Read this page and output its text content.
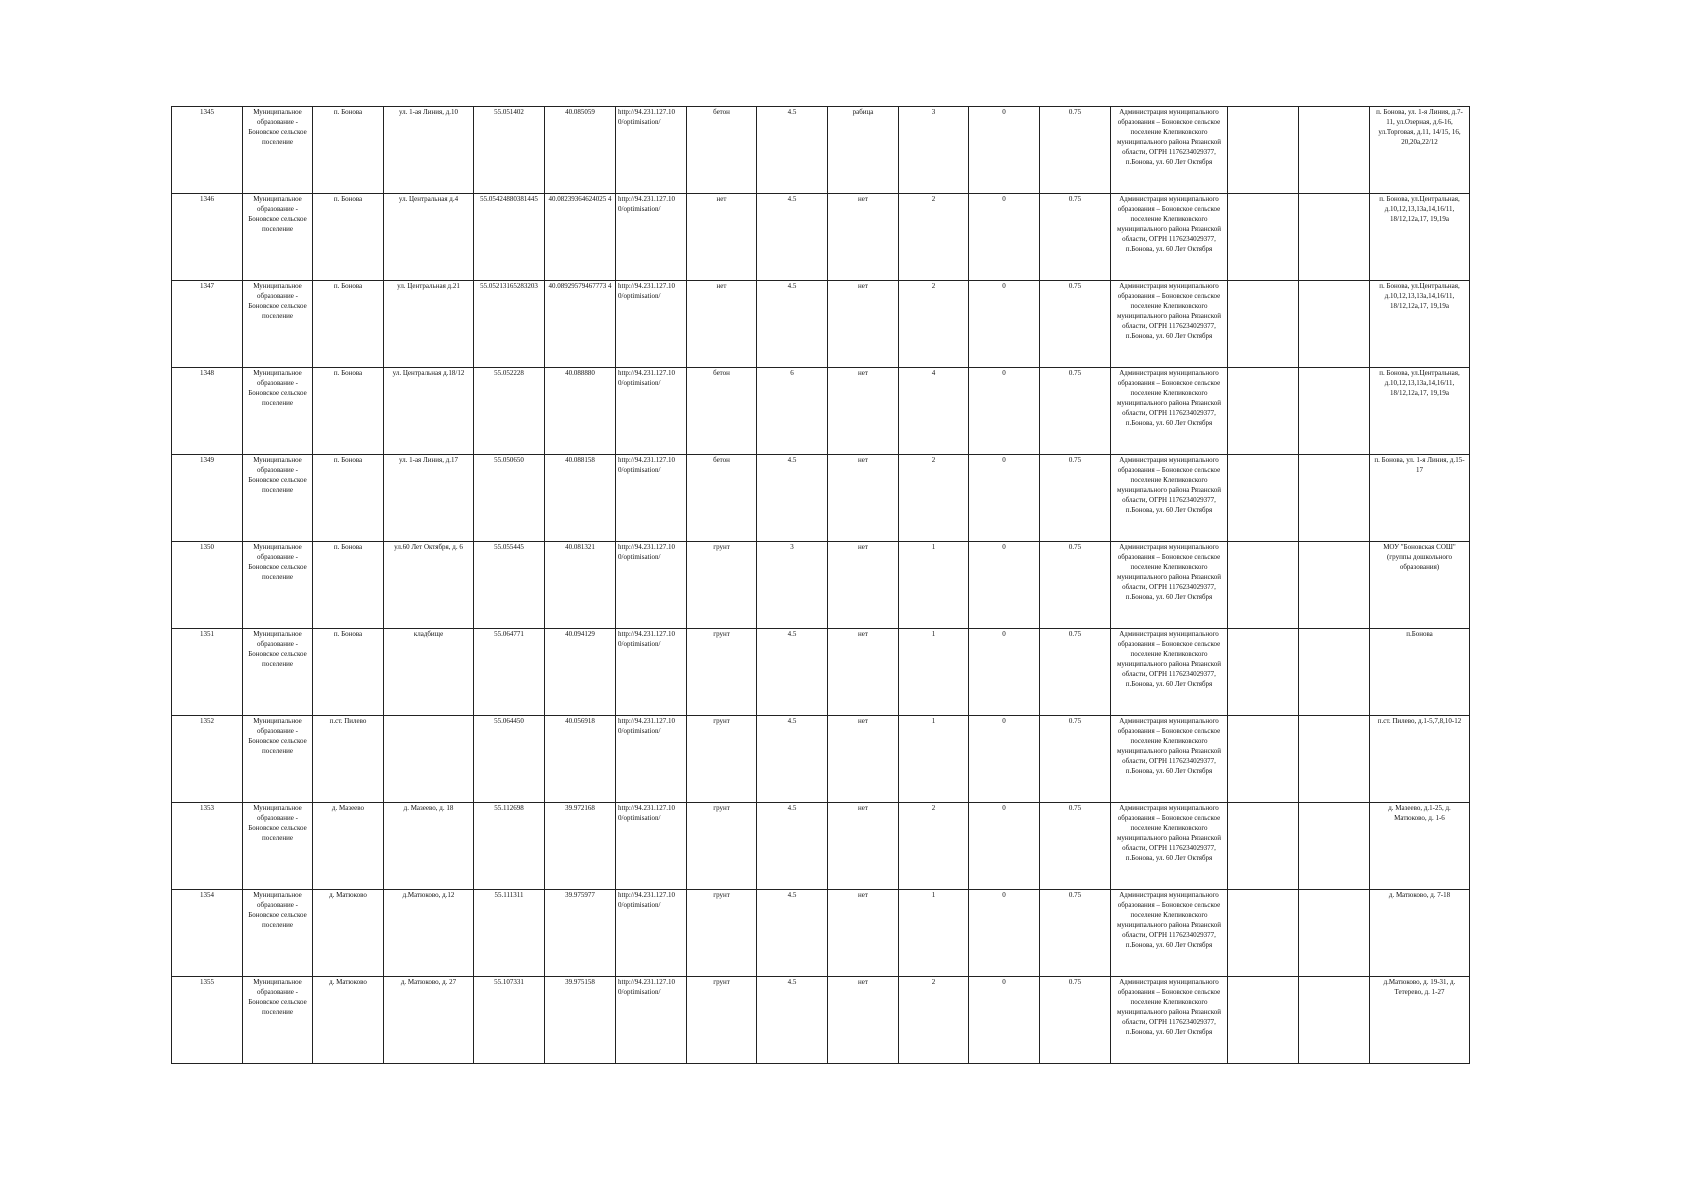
1345	Муниципальное образование - Боновское сельское поселение	п. Бонова	ул. 1-ая Линия, д.10	55.051402	40.085059	http://94.231.127.10 0/optimisation/	бетон	4.5	рабица	3	0	0.75	Администрация муниципального образования – Боновское сельское поселение Клепиковского муниципального района Рязанской области, ОГРН 1176234029377, п.Бонова, ул. 60 Лет Октября			п. Бонова, ул. 1-я Линия, д.7-11, ул.Озерная, д.6-16, ул.Торговая, д.11, 14/15, 16, 20,20а,22/12
1346	Муниципальное образование - Боновское сельское поселение	п. Бонова	ул. Центральная д.4	55.05424880381445	40.08239364624025 4	http://94.231.127.10 0/optimisation/	нет	4.5	нет	2	0	0.75	Администрация муниципального образования – Боновское сельское поселение Клепиковского муниципального района Рязанской области, ОГРН 1176234029377, п.Бонова, ул. 60 Лет Октября			п. Бонова, ул.Центральная, д.10,12,13,13а,14,16/11, 18/12,12а,17, 19,19а
1347	Муниципальное образование - Боновское сельское поселение	п. Бонова	ул. Центральная д.21	55.05213165283203	40.08929579467773 4	http://94.231.127.10 0/optimisation/	нет	4.5	нет	2	0	0.75	Администрация муниципального образования – Боновское сельское поселение Клепиковского муниципального района Рязанской области, ОГРН 1176234029377, п.Бонова, ул. 60 Лет Октября			п. Бонова, ул.Центральная, д.10,12,13,13а,14,16/11, 18/12,12а,17, 19,19а
1348	Муниципальное образование - Боновское сельское поселение	п. Бонова	ул. Центральная д.18/12	55.052228	40.088880	http://94.231.127.10 0/optimisation/	бетон	6	нет	4	0	0.75	Администрация муниципального образования – Боновское сельское поселение Клепиковского муниципального района Рязанской области, ОГРН 1176234029377, п.Бонова, ул. 60 Лет Октября			п. Бонова, ул.Центральная, д.10,12,13,13а,14,16/11, 18/12,12а,17, 19,19а
1349	Муниципальное образование - Боновское сельское поселение	п. Бонова	ул. 1-ая Линия, д.17	55.050650	40.088158	http://94.231.127.10 0/optimisation/	бетон	4.5	нет	2	0	0.75	Администрация муниципального образования – Боновское сельское поселение Клепиковского муниципального района Рязанской области, ОГРН 1176234029377, п.Бонова, ул. 60 Лет Октября			п. Бонова, ул. 1-я Линия, д.15-17
1350	Муниципальное образование - Боновское сельское поселение	п. Бонова	ул.60 Лет Октября, д. 6	55.055445	40.081321	http://94.231.127.10 0/optimisation/	грунт	3	нет	1	0	0.75	Администрация муниципального образования – Боновское сельское поселение Клепиковского муниципального района Рязанской области, ОГРН 1176234029377, п.Бонова, ул. 60 Лет Октября			МОУ "Боновская СОШ" (группы дошкольного образования)
1351	Муниципальное образование - Боновское сельское поселение	п. Бонова	кладбище	55.064771	40.094129	http://94.231.127.10 0/optimisation/	грунт	4.5	нет	1	0	0.75	Администрация муниципального образования – Боновское сельское поселение Клепиковского муниципального района Рязанской области, ОГРН 1176234029377, п.Бонова, ул. 60 Лет Октября			п.Бонова
1352	Муниципальное образование - Боновское сельское поселение	п.ст. Пилево		55.064450	40.056918	http://94.231.127.10 0/optimisation/	грунт	4.5	нет	1	0	0.75	Администрация муниципального образования – Боновское сельское поселение Клепиковского муниципального района Рязанской области, ОГРН 1176234029377, п.Бонова, ул. 60 Лет Октября			п.ст. Пилево, д.1-5,7,8,10-12
1353	Муниципальное образование - Боновское сельское поселение	д. Мазеево	д. Мазеево, д. 18	55.112698	39.972168	http://94.231.127.10 0/optimisation/	грунт	4.5	нет	2	0	0.75	Администрация муниципального образования – Боновское сельское поселение Клепиковского муниципального района Рязанской области, ОГРН 1176234029377, п.Бонова, ул. 60 Лет Октября			д. Мазеево, д.1-25, д. Матюково, д. 1-6
1354	Муниципальное образование - Боновское сельское поселение	д. Матюково	д.Матюково, д.12	55.111311	39.975977	http://94.231.127.10 0/optimisation/	грунт	4.5	нет	1	0	0.75	Администрация муниципального образования – Боновское сельское поселение Клепиковского муниципального района Рязанской области, ОГРН 1176234029377, п.Бонова, ул. 60 Лет Октября			д. Матюково, д. 7-18
1355	Муниципальное образование - Боновское сельское поселение	д. Матюково	д. Матюково, д. 27	55.107331	39.975158	http://94.231.127.10 0/optimisation/	грунт	4.5	нет	2	0	0.75	Администрация муниципального образования – Боновское сельское поселение Клепиковского муниципального района Рязанской области, ОГРН 1176234029377, п.Бонова, ул. 60 Лет Октября			д.Матюково, д. 19-31, д. Тетерево, д. 1-27
